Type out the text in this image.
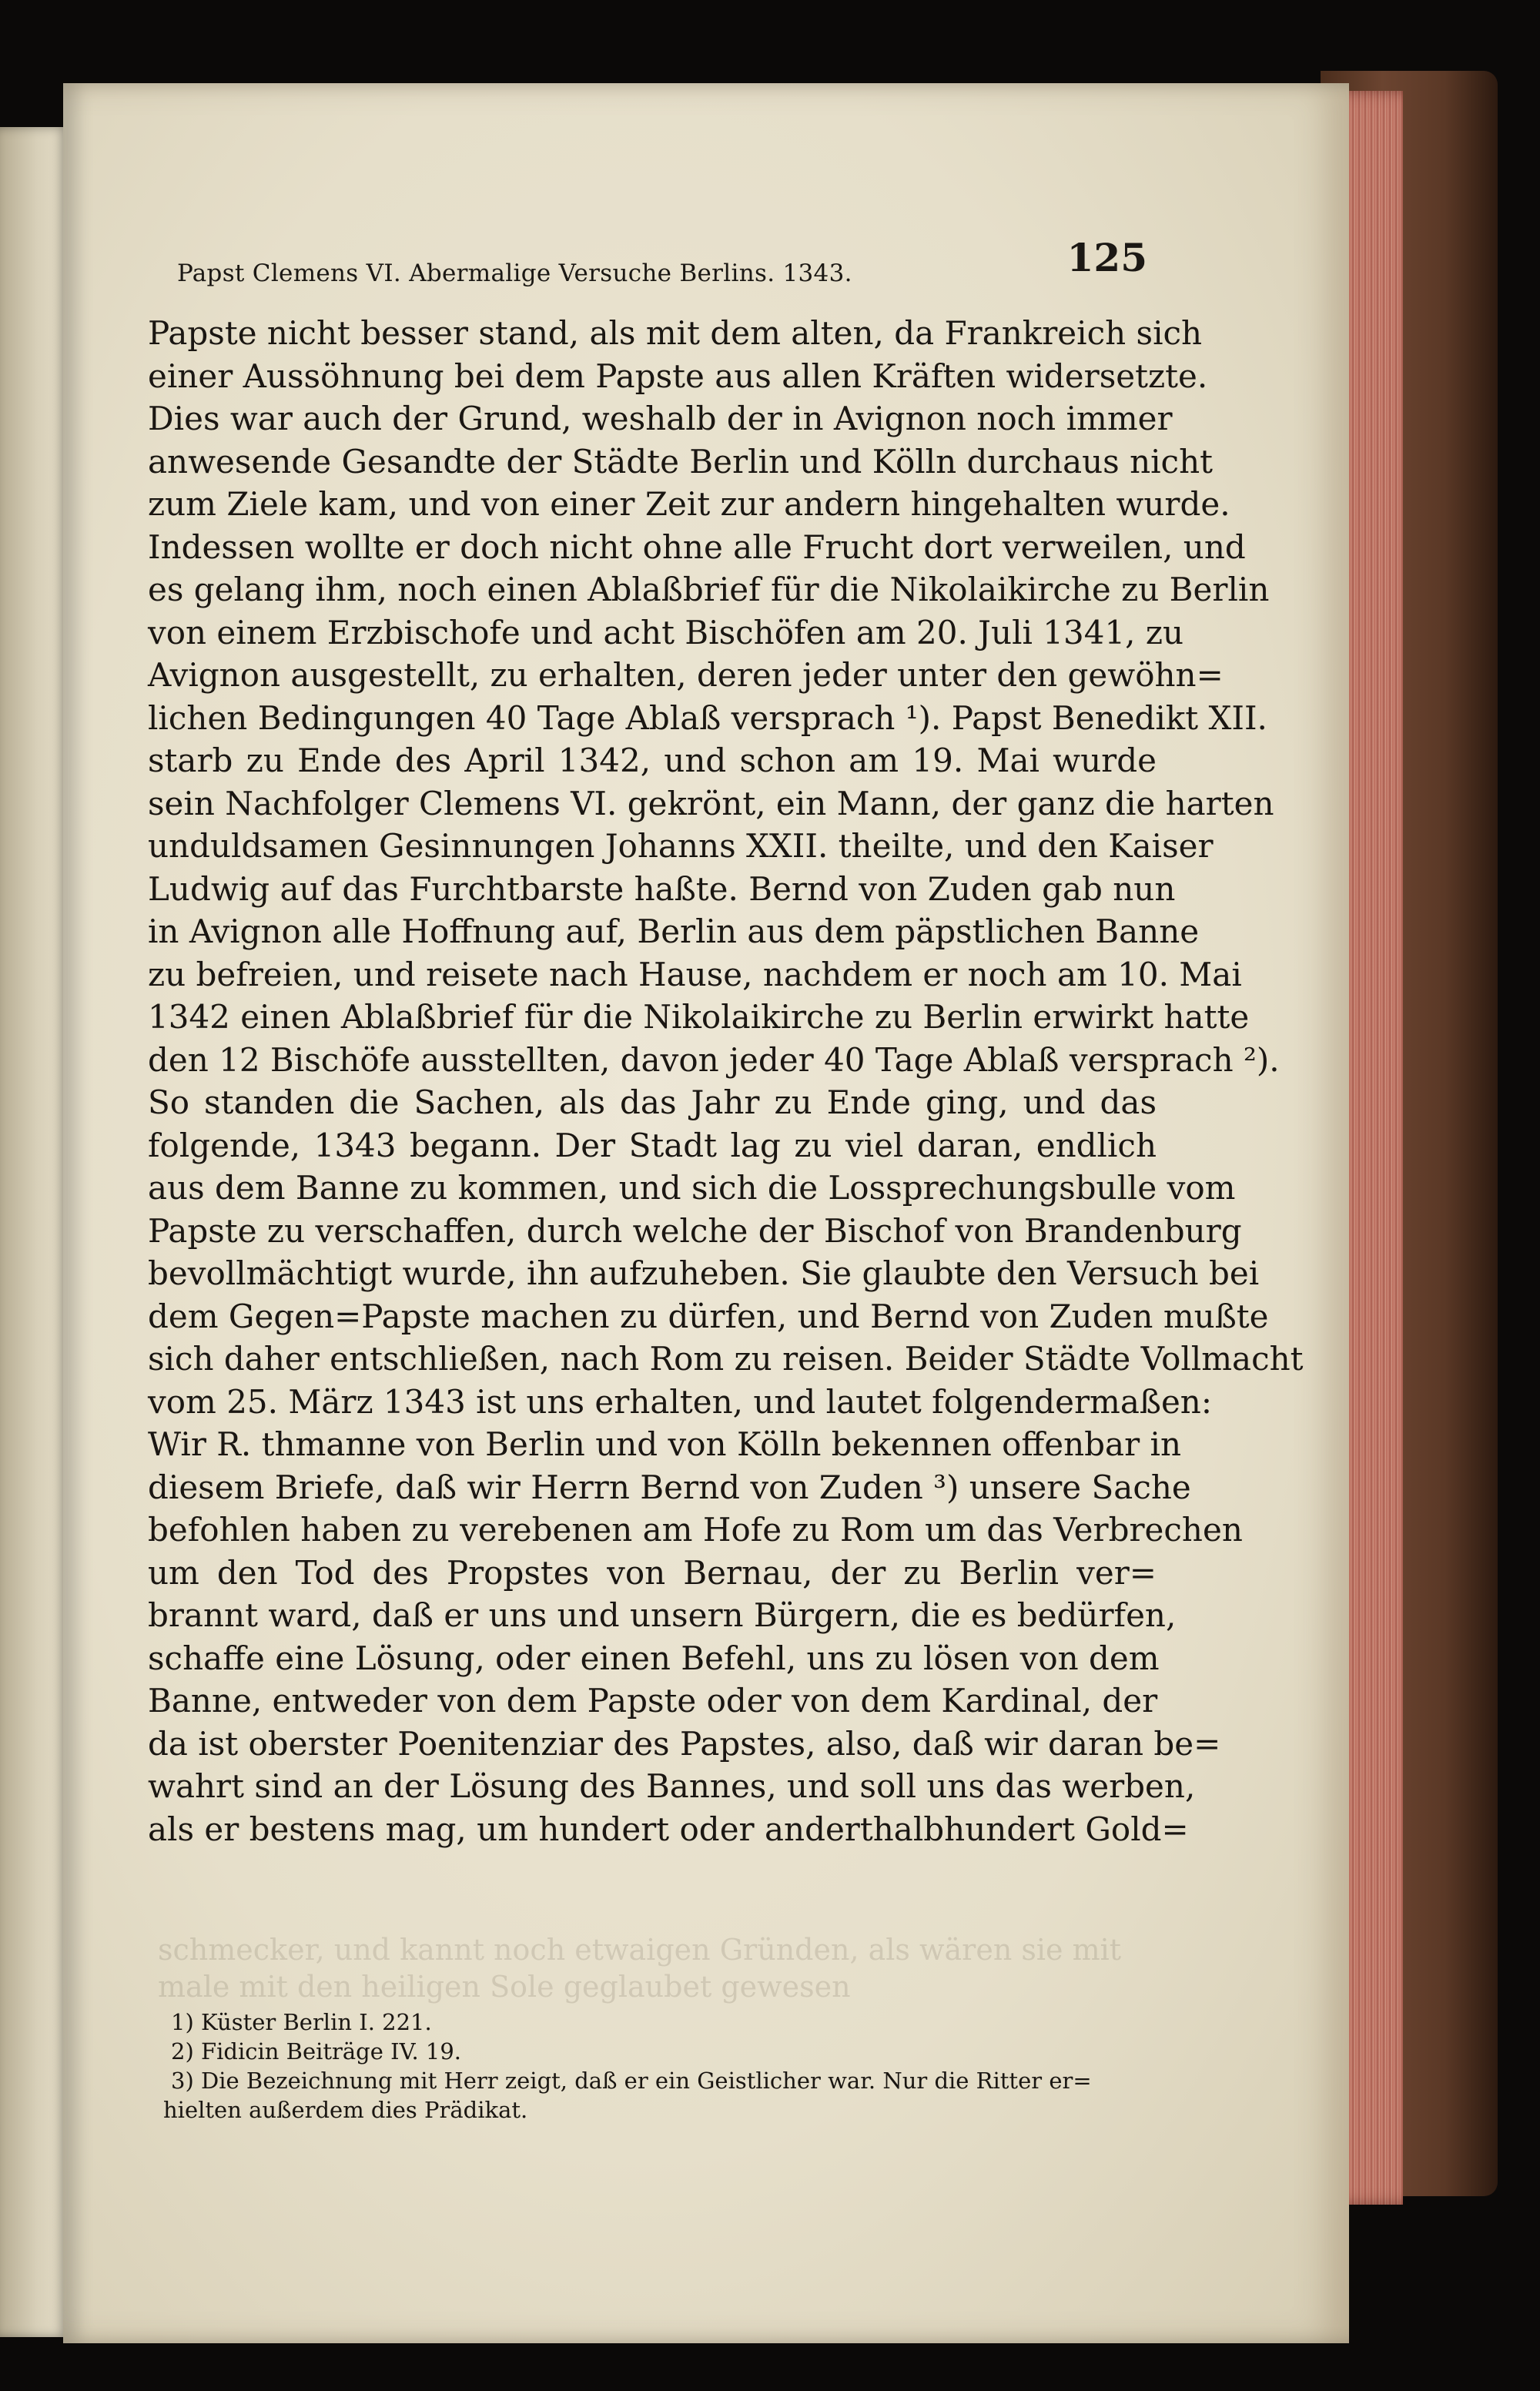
Papst Clemens VI. Abermalige Versuche Berlins. 1343.	125
Papste nicht besser stand, als mit dem alten, da Frankreich sich
einer Aussöhnung bei dem Papste aus allen Kräften widersetzte.
Dies war auch der Grund, weshalb der in Avignon noch immer
anwesende Gesandte der Städte Berlin und Kölln durchaus nicht
zum Ziele kam, und von einer Zeit zur andern hingehalten wurde.
Indessen wollte er doch nicht ohne alle Frucht dort verweilen, und
es gelang ihm, noch einen Ablaßbrief für die Nikolaikirche zu Berlin
von einem Erzbischofe und acht Bischöfen am 20. Juli 1341, zu
Avignon ausgestellt, zu erhalten, deren jeder unter den gewöhn=
lichen Bedingungen 40 Tage Ablaß versprach ¹). Papst Benedikt XII.
starb zu Ende des April 1342, und schon am 19. Mai wurde
sein Nachfolger Clemens VI. gekrönt, ein Mann, der ganz die harten
unduldsamen Gesinnungen Johanns XXII. theilte, und den Kaiser
Ludwig auf das Furchtbarste haßte. Bernd von Zuden gab nun
in Avignon alle Hoffnung auf, Berlin aus dem päpstlichen Banne
zu befreien, und reisete nach Hause, nachdem er noch am 10. Mai
1342 einen Ablaßbrief für die Nikolaikirche zu Berlin erwirkt hatte
den 12 Bischöfe ausstellten, davon jeder 40 Tage Ablaß versprach ²).
So standen die Sachen, als das Jahr zu Ende ging, und das
folgende, 1343 begann. Der Stadt lag zu viel daran, endlich
aus dem Banne zu kommen, und sich die Lossprechungsbulle vom
Papste zu verschaffen, durch welche der Bischof von Brandenburg
bevollmächtigt wurde, ihn aufzuheben. Sie glaubte den Versuch bei
dem Gegen=Papste machen zu dürfen, und Bernd von Zuden mußte
sich daher entschließen, nach Rom zu reisen. Beider Städte Vollmacht
vom 25. März 1343 ist uns erhalten, und lautet folgendermaßen:
Wir R. thmanne von Berlin und von Kölln bekennen offenbar in
diesem Briefe, daß wir Herrn Bernd von Zuden ³) unsere Sache
befohlen haben zu verebenen am Hofe zu Rom um das Verbrechen
um den Tod des Propstes von Bernau, der zu Berlin ver=
brannt ward, daß er uns und unsern Bürgern, die es bedürfen,
schaffe eine Lösung, oder einen Befehl, uns zu lösen von dem
Banne, entweder von dem Papste oder von dem Kardinal, der
da ist oberster Poenitenziar des Papstes, also, daß wir daran be=
wahrt sind an der Lösung des Bannes, und soll uns das werben,
als er bestens mag, um hundert oder anderthalbhundert Gold=
schmecker, und kannt noch etwaigen Gründen, als wären sie mit
male mit den heiligen Sole geglaubet gewesen
1) Küster Berlin I. 221.
2) Fidicin Beiträge IV. 19.
3) Die Bezeichnung mit Herr zeigt, daß er ein Geistlicher war. Nur die Ritter er=
hielten außerdem dies Prädikat.
